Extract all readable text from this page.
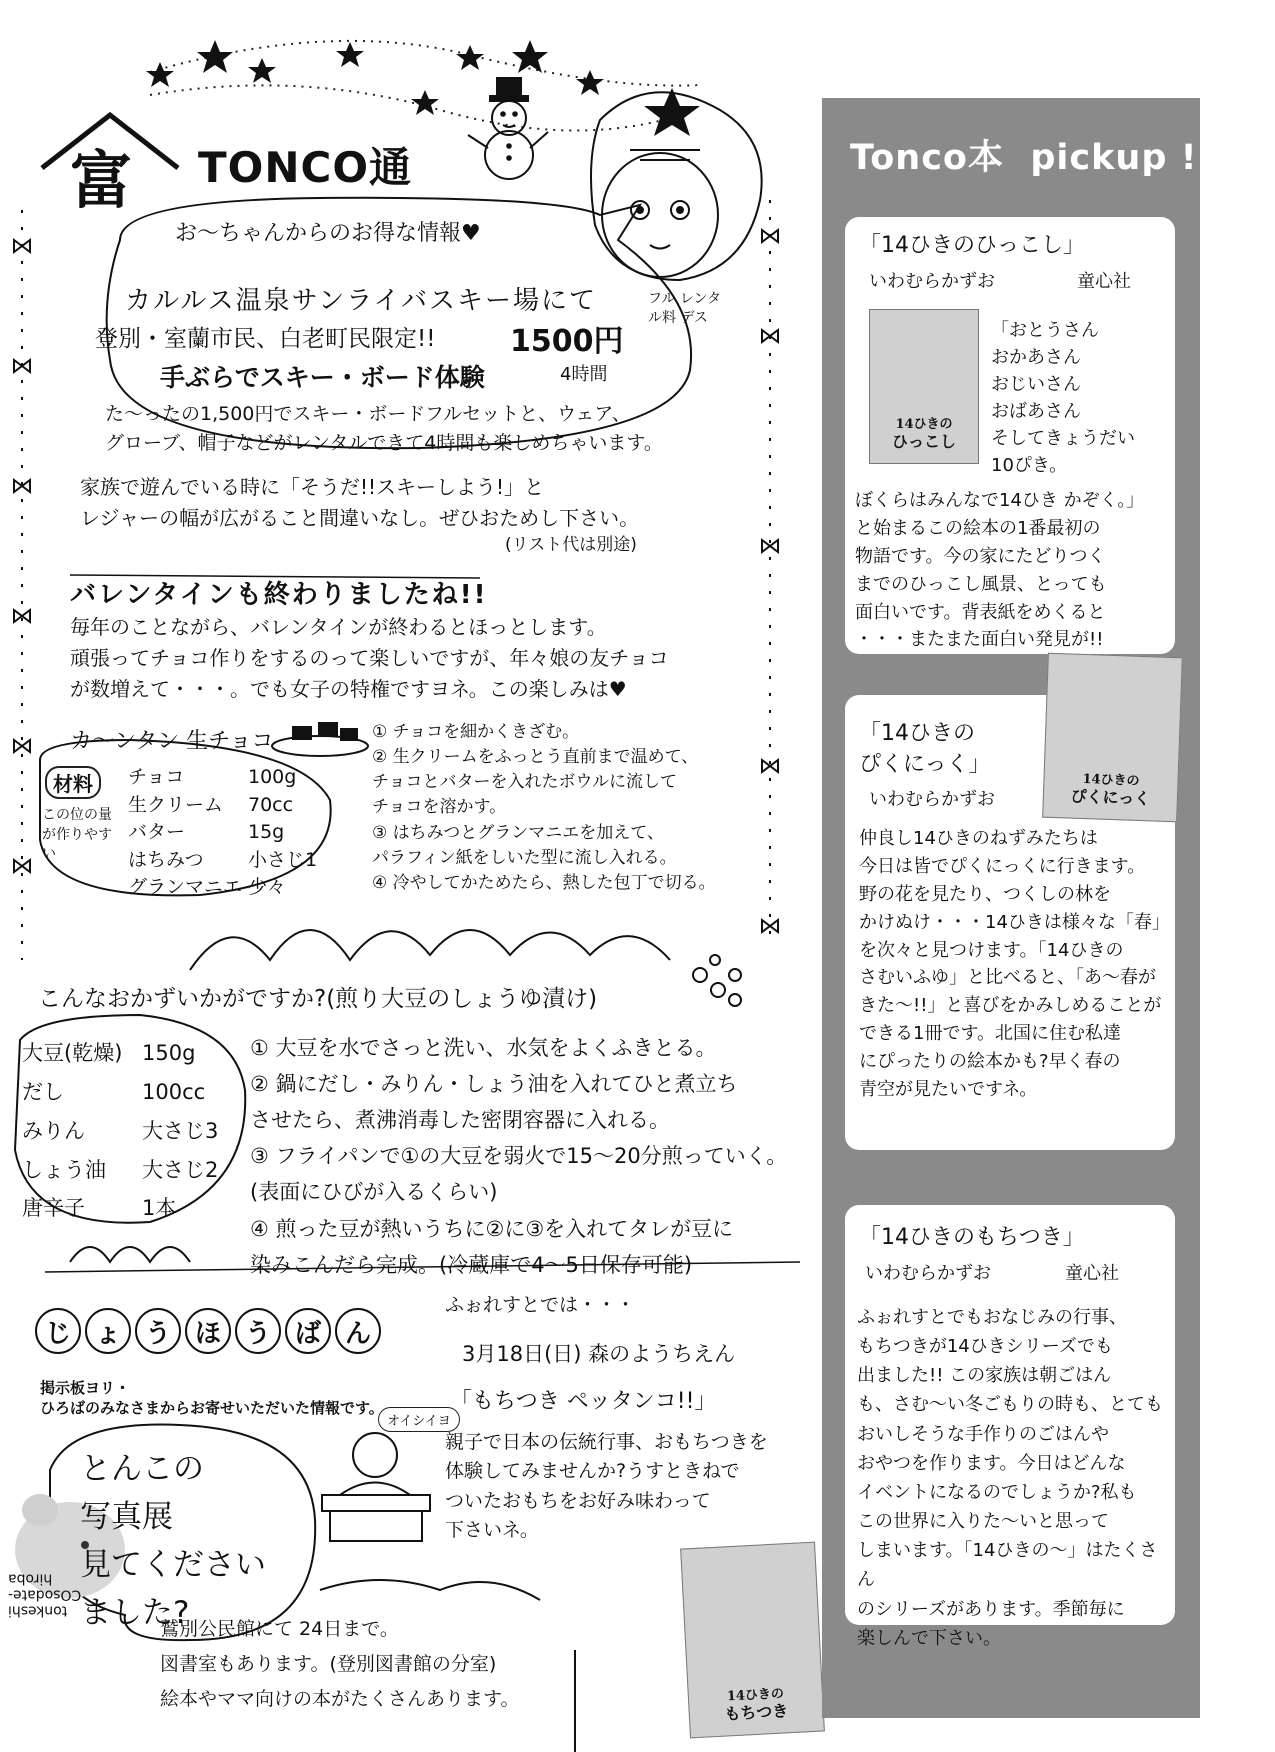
富 TONCO通
お〜ちゃんからのお得な情報♥
カルルス温泉サンライバスキー場にて
登別・室蘭市民、白老町民限定!! 1500円
フル レンタル料 デス
手ぶらでスキー・ボード体験	4時間
た〜ったの1,500円でスキー・ボードフルセットと、ウェア、
グローブ、帽子などがレンタルできて4時間も楽しめちゃいます。
家族で遊んでいる時に「そうだ!!スキーしよう!」と
レジャーの幅が広がること間違いなし。ぜひおためし下さい。
(リスト代は別途)
バレンタインも終わりましたね!!
毎年のことながら、バレンタインが終わるとほっとします。
頑張ってチョコ作りをするのって楽しいですが、年々娘の友チョコ
が数増えて・・・。でも女子の特権ですヨネ。この楽しみは♥
カ〜ンタン 生チョコ	① チョコを細かくきざむ。
② 生クリームをふっとう直前まで温めて、
チョコとバターを入れたボウルに流して
チョコを溶かす。
③ はちみつとグランマニエを加えて、
パラフィン紙をしいた型に流し入れる。
④ 冷やしてかためたら、熱した包丁で切る。
材料
この位の量が作りやすい
チョコ	100g
生クリーム	70cc
バター	15g
はちみつ	小さじ1
グランマニエ 少々
こんなおかずいかがですか?(煎り大豆のしょうゆ漬け)
大豆(乾燥) 150g
だし	100cc
みりん	大さじ3
しょう油	大さじ2
唐辛子	1本
① 大豆を水でさっと洗い、水気をよくふきとる。
② 鍋にだし・みりん・しょう油を入れてひと煮立ち
させたら、煮沸消毒した密閉容器に入れる。
③ フライパンで①の大豆を弱火で15〜20分煎っていく。
(表面にひびが入るくらい)
④ 煎った豆が熱いうちに②に③を入れてタレが豆に
染みこんだら完成。(冷蔵庫で4〜5日保存可能)
じ ょ う ほ う ば ん
掲示板ヨリ・
ひろばのみなさまからお寄せいただいた情報です。
オイシイヨ
とんこの
写真展
見てください
ました?
tonkeshi
COsodate-hiroba
鷲別公民館にて 24日まで。
図書室もあります。(登別図書館の分室)
絵本やママ向けの本がたくさんあります。
ふぉれすとでは・・・
3月18日(日) 森のようちえん
「もちつき ペッタンコ!!」
親子で日本の伝統行事、おもちつきを
体験してみませんか?うすときねで
ついたおもちをお好み味わって
下さいネ。
14ひきの
もちつき
Tonco本  pickup !
「14ひきのひっこし」
いわむらかずお	童心社
14ひきの
ひっこし
「おとうさん
おかあさん
おじいさん
おばあさん
そしてきょうだい
10ぴき。
ぼくらはみんなで14ひき かぞく。」
と始まるこの絵本の1番最初の
物語です。今の家にたどりつく
までのひっこし風景、とっても
面白いです。背表紙をめくると
・・・またまた面白い発見が!!
「14ひきの
ぴくにっく」
いわむらかずお
仲良し14ひきのねずみたちは
今日は皆でぴくにっくに行きます。
野の花を見たり、つくしの林を
かけぬけ・・・14ひきは様々な「春」
を次々と見つけます。「14ひきの
さむいふゆ」と比べると、「あ〜春が
きた〜!!」と喜びをかみしめることが
できる1冊です。北国に住む私達
にぴったりの絵本かも?早く春の
青空が見たいですネ。
14ひきの
ぴくにっく
「14ひきのもちつき」
いわむらかずお	童心社
ふぉれすとでもおなじみの行事、
もちつきが14ひきシリーズでも
出ました!! この家族は朝ごはん
も、さむ〜い冬ごもりの時も、とても
おいしそうな手作りのごはんや
おやつを作ります。今日はどんな
イベントになるのでしょうか?私も
この世界に入りた〜いと思って
しまいます。「14ひきの〜」はたくさん
のシリーズがあります。季節毎に
楽しんで下さい。
